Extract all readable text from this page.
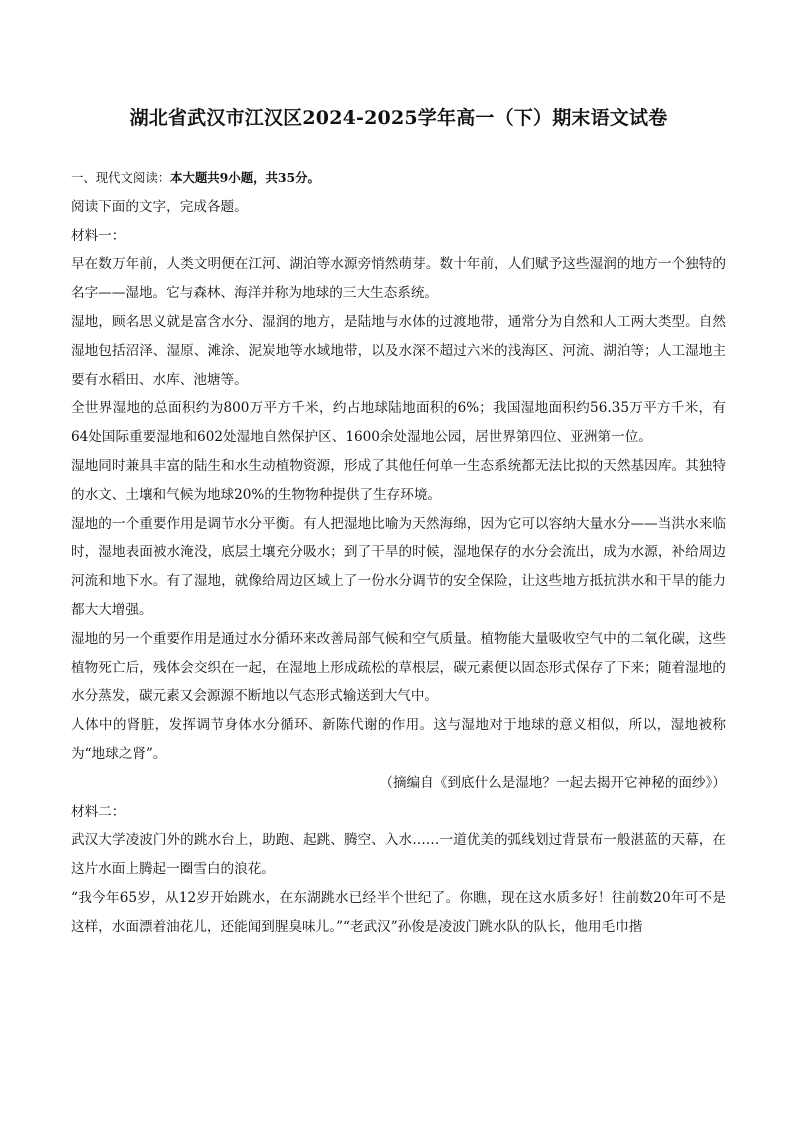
湖北省武汉市江汉区2024-2025学年高一（下）期末语文试卷

一、现代文阅读：本大题共9小题，共35分。

阅读下面的文字，完成各题。

材料一：

早在数万年前，人类文明便在江河、湖泊等水源旁悄然萌芽。数十年前，人们赋予这些湿润的地方一个独特的名字——湿地。它与森林、海洋并称为地球的三大生态系统。

湿地，顾名思义就是富含水分、湿润的地方，是陆地与水体的过渡地带，通常分为自然和人工两大类型。自然湿地包括沼泽、湿原、滩涂、泥炭地等水域地带，以及水深不超过六米的浅海区、河流、湖泊等；人工湿地主要有水稻田、水库、池塘等。

全世界湿地的总面积约为800万平方千米，约占地球陆地面积的6%；我国湿地面积约56.35万平方千米，有64处国际重要湿地和602处湿地自然保护区、1600余处湿地公园，居世界第四位、亚洲第一位。

湿地同时兼具丰富的陆生和水生动植物资源，形成了其他任何单一生态系统都无法比拟的天然基因库。其独特的水文、土壤和气候为地球20%的生物物种提供了生存环境。

湿地的一个重要作用是调节水分平衡。有人把湿地比喻为天然海绵，因为它可以容纳大量水分——当洪水来临时，湿地表面被水淹没，底层土壤充分吸水；到了干旱的时候，湿地保存的水分会流出，成为水源，补给周边河流和地下水。有了湿地，就像给周边区域上了一份水分调节的安全保险，让这些地方抵抗洪水和干旱的能力都大大增强。

湿地的另一个重要作用是通过水分循环来改善局部气候和空气质量。植物能大量吸收空气中的二氧化碳，这些植物死亡后，残体会交织在一起，在湿地上形成疏松的草根层，碳元素便以固态形式保存了下来；随着湿地的水分蒸发，碳元素又会源源不断地以气态形式输送到大气中。

人体中的肾脏，发挥调节身体水分循环、新陈代谢的作用。这与湿地对于地球的意义相似，所以，湿地被称为“地球之肾”。

（摘编自《到底什么是湿地？一起去揭开它神秘的面纱》）

材料二：

武汉大学凌波门外的跳水台上，助跑、起跳、腾空、入水……一道优美的弧线划过背景布一般湛蓝的天幕，在这片水面上腾起一圈雪白的浪花。

“我今年65岁，从12岁开始跳水，在东湖跳水已经半个世纪了。你瞧，现在这水质多好！往前数20年可不是这样，水面漂着油花儿，还能闻到腥臭味儿。”“老武汉”孙俊是凌波门跳水队的队长，他用毛巾揩
